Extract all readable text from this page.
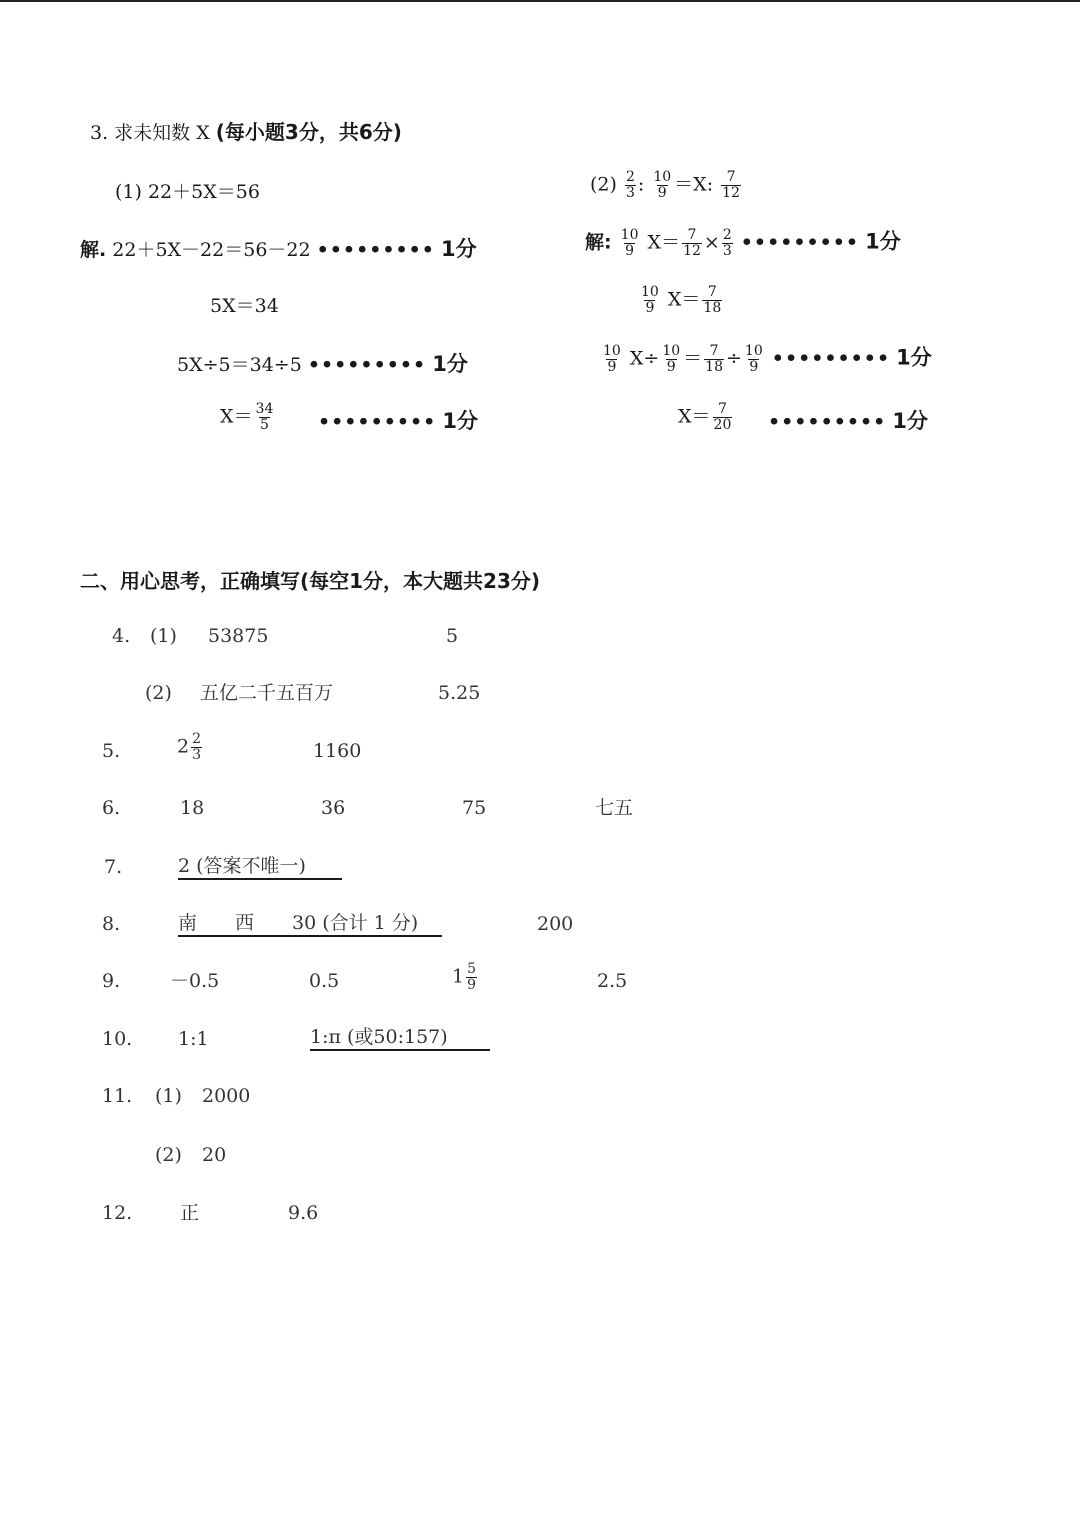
3. 求未知数 X (每小题3分，共6分)
(1) 22＋5X＝56
解. 22＋5X－22＝56－22 ••••••••• 1分
5X＝34
5X÷5＝34÷5 ••••••••• 1分
$X= \frac{34}{5}$ ••••••••• 1分
$(2) \frac{2}{3}$ : $\frac{10}{9} =X$: $\frac{7}{12}$
解: $\frac{10}{9} X= \frac{7}{12} \times \frac{2}{3}$ ••••••••• 1分
$\frac{10}{9} X= \frac{7}{18}$
$\frac{10}{9} X\div \frac{10}{9} = \frac{7}{18} \div \frac{10}{9}$ ••••••••• 1分
$X= \frac{7}{20}$ ••••••••• 1分
二、用心思考，正确填写(每空1分，本大题共23分)
4. (1) 53875	5
(2) 五亿二千五百万	5.25
5.	$2 \frac{2}{3}$	1160
6.	18	36	75	七五
7.	2 (答案不唯一)
8.	南　　西　　30 (合计 1 分)	200
9.	－0.5	0.5	$1 \frac{5}{9}$	2.5
10. 1:1	1:π (或50:157)
11. (1) 2000
(2) 20
12.	正	9.6
